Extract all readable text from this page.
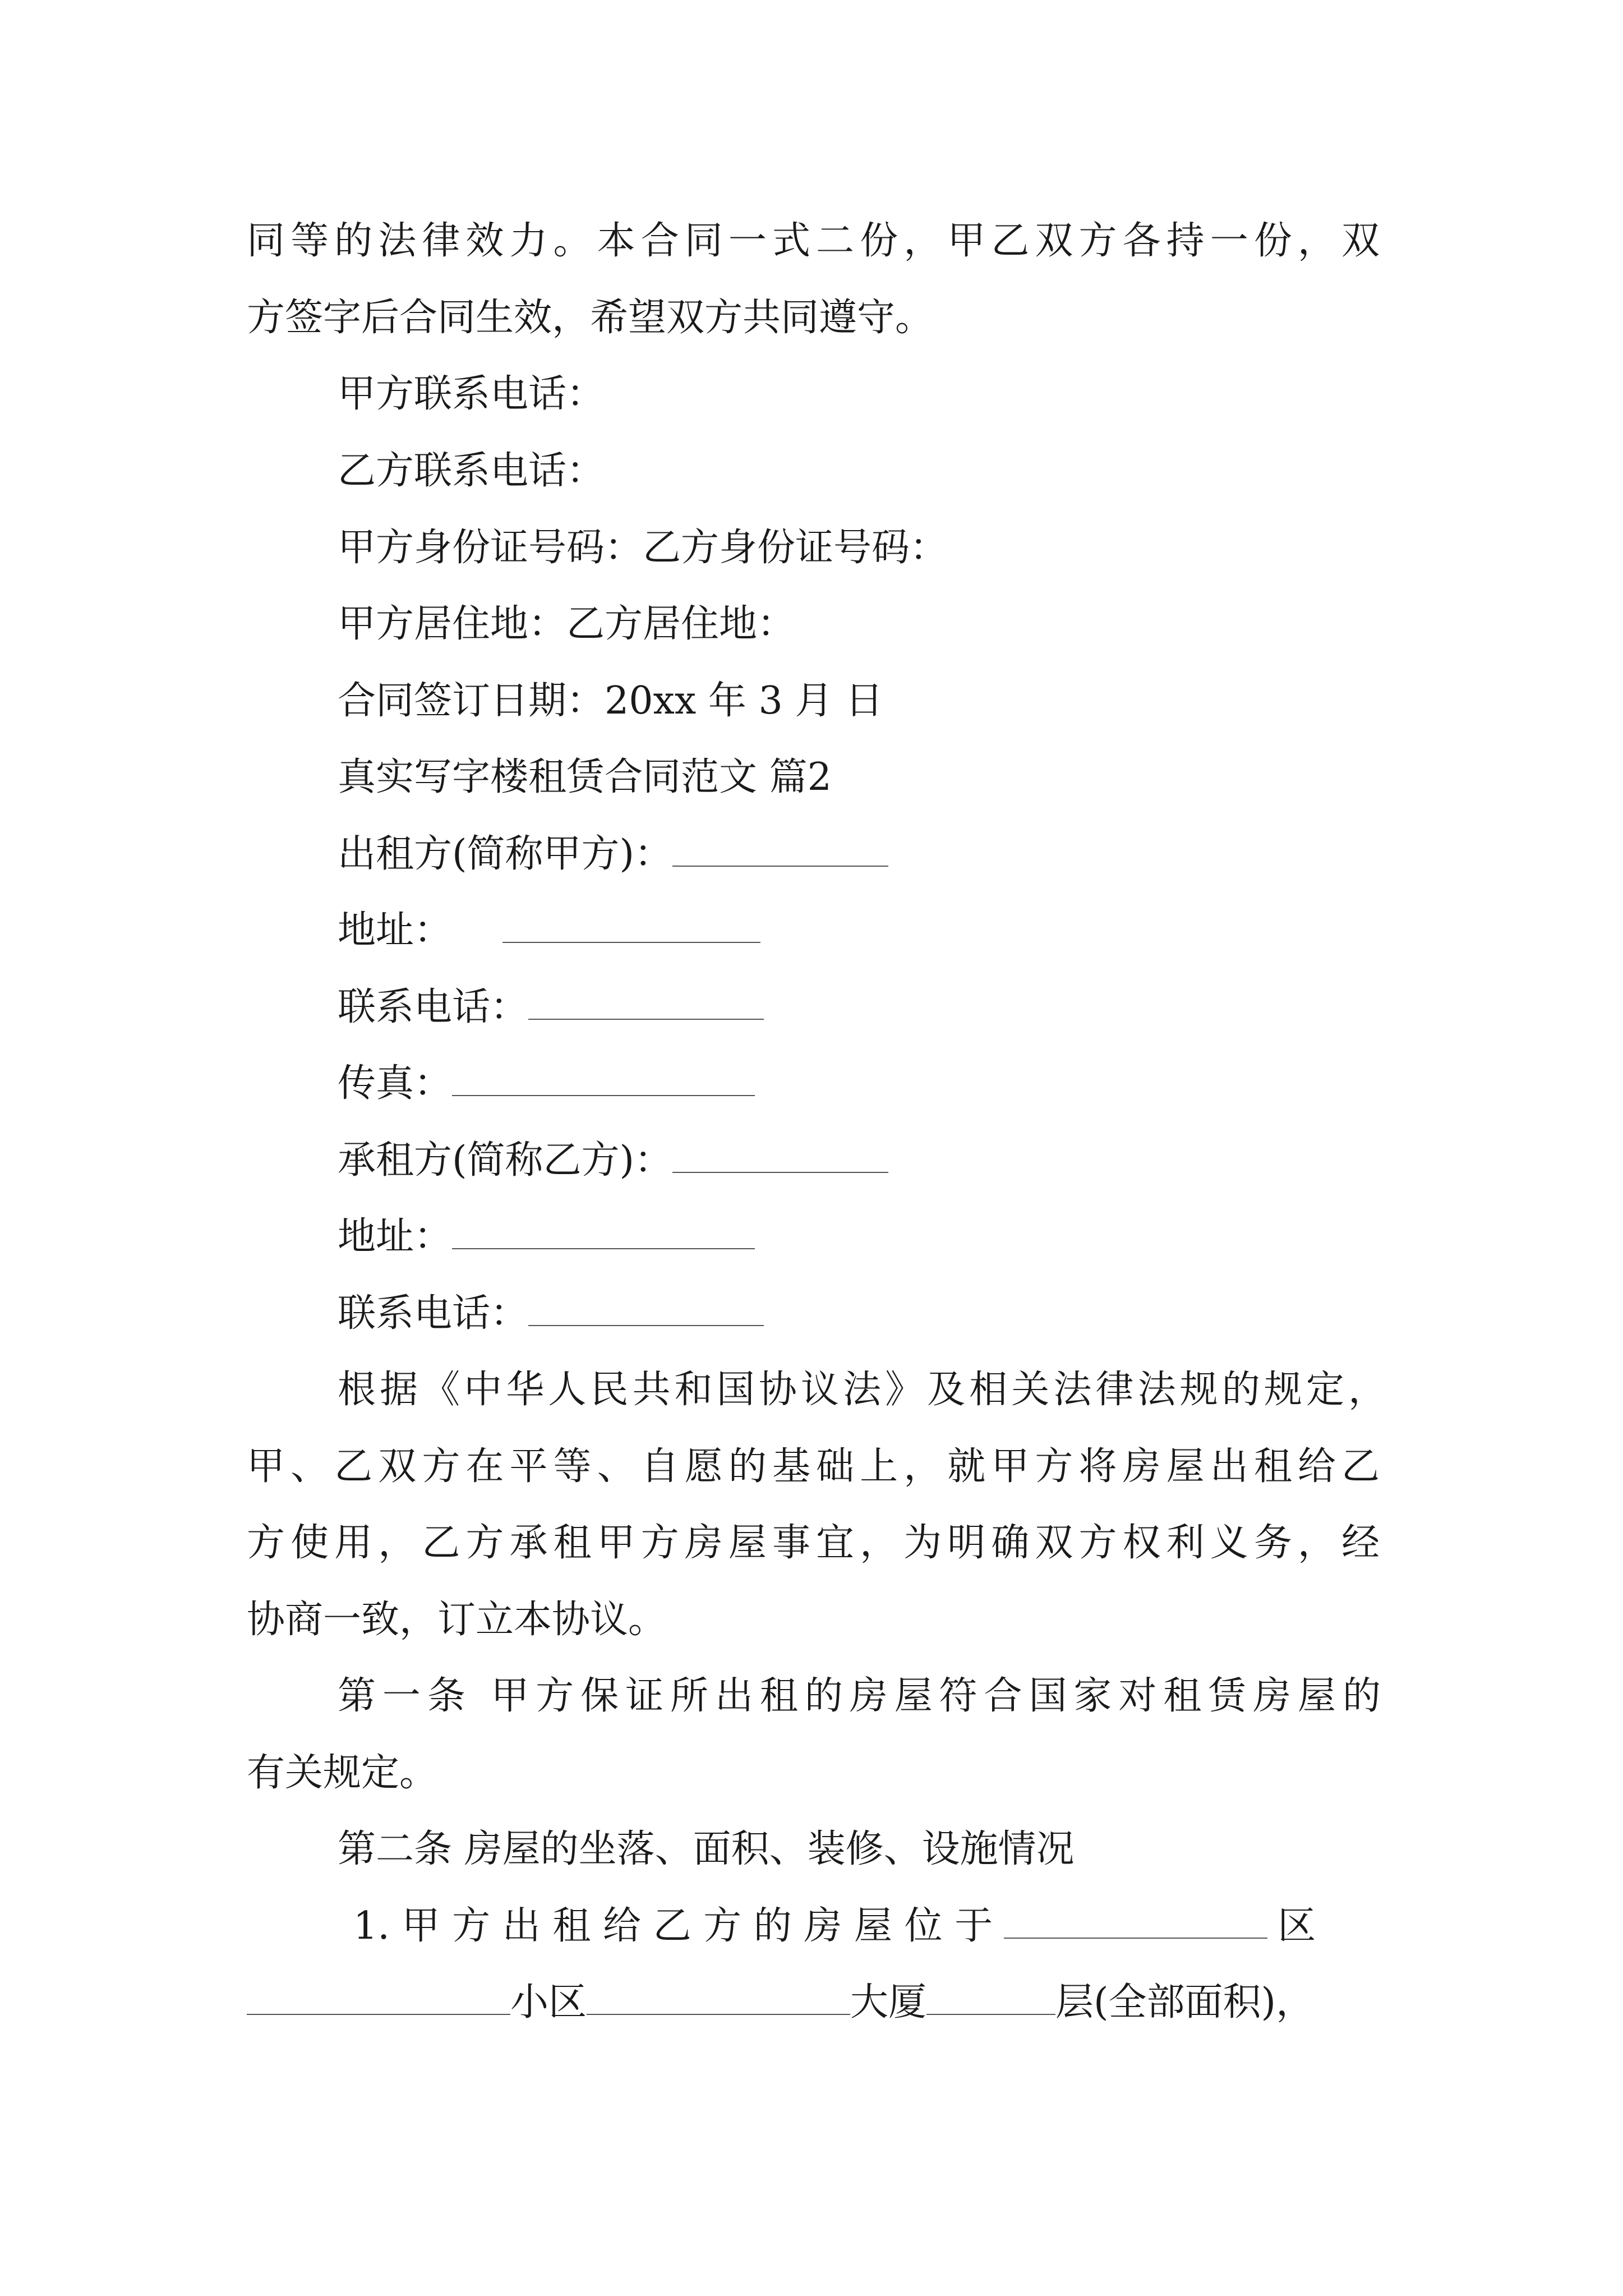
同等的法律效力。本合同一式二份，甲乙双方各持一份，双
方签字后合同生效，希望双方共同遵守。
甲方联系电话：
乙方联系电话：
甲方身份证号码：乙方身份证号码：
甲方居住地：乙方居住地：
合同签订日期：20xx 年 3 月 日
真实写字楼租赁合同范文 篇2
出租方(简称甲方)：
地址：
联系电话：
传真：
承租方(简称乙方)：
地址：
联系电话：
根据《中华人民共和国协议法》及相关法律法规的规定，
甲、乙双方在平等、自愿的基础上，就甲方将房屋出租给乙
方使用，乙方承租甲方房屋事宜，为明确双方权利义务，经
协商一致，订立本协议。
第一条 甲方保证所出租的房屋符合国家对租赁房屋的
有关规定。
第二条 房屋的坐落、面积、装修、设施情况
1. 甲 方 出 租 给 乙 方 的 房 屋 位 于	区
小区	大厦	层(全部面积)，
